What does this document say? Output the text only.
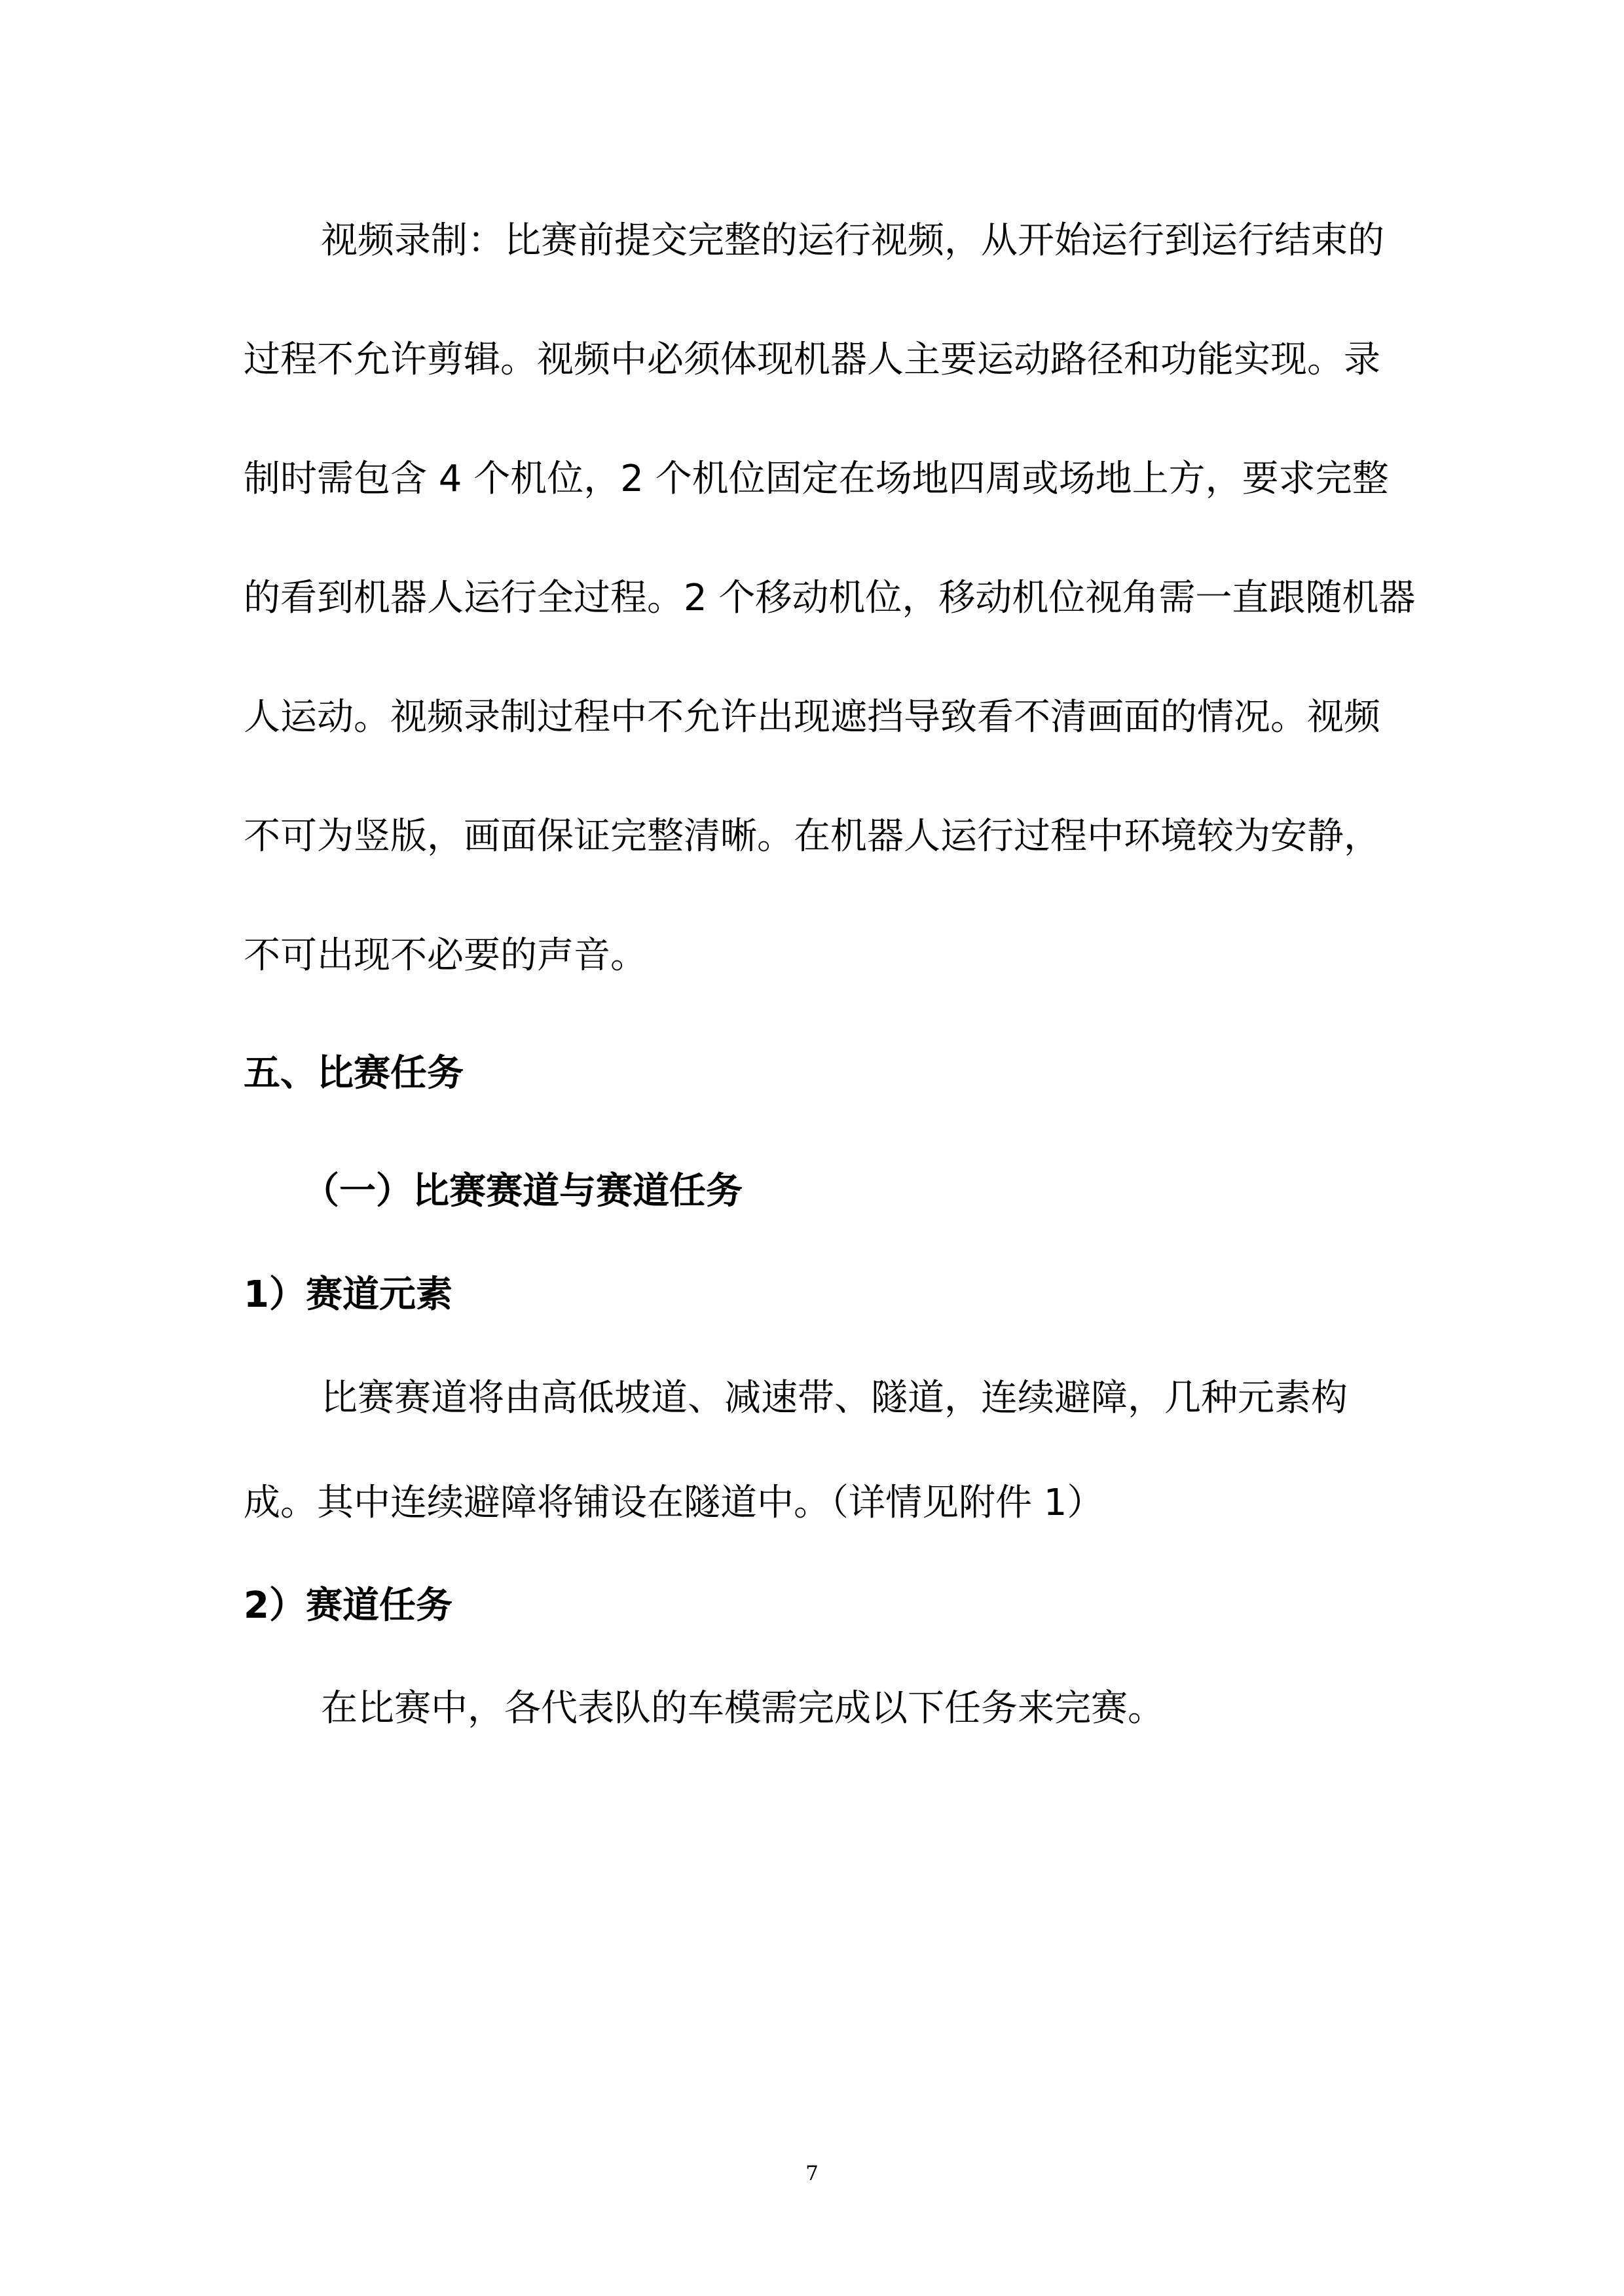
视频录制：比赛前提交完整的运行视频，从开始运行到运行结束的
过程不允许剪辑。视频中必须体现机器人主要运动路径和功能实现。录
制时需包含 4 个机位，2 个机位固定在场地四周或场地上方，要求完整
的看到机器人运行全过程。2 个移动机位，移动机位视角需一直跟随机器
人运动。视频录制过程中不允许出现遮挡导致看不清画面的情况。视频
不可为竖版，画面保证完整清晰。在机器人运行过程中环境较为安静，
不可出现不必要的声音。
五、比赛任务
（一）比赛赛道与赛道任务
1）赛道元素
比赛赛道将由高低坡道、减速带、隧道，连续避障，几种元素构
成。其中连续避障将铺设在隧道中。（详情见附件 1）
2）赛道任务
在比赛中，各代表队的车模需完成以下任务来完赛。
7
